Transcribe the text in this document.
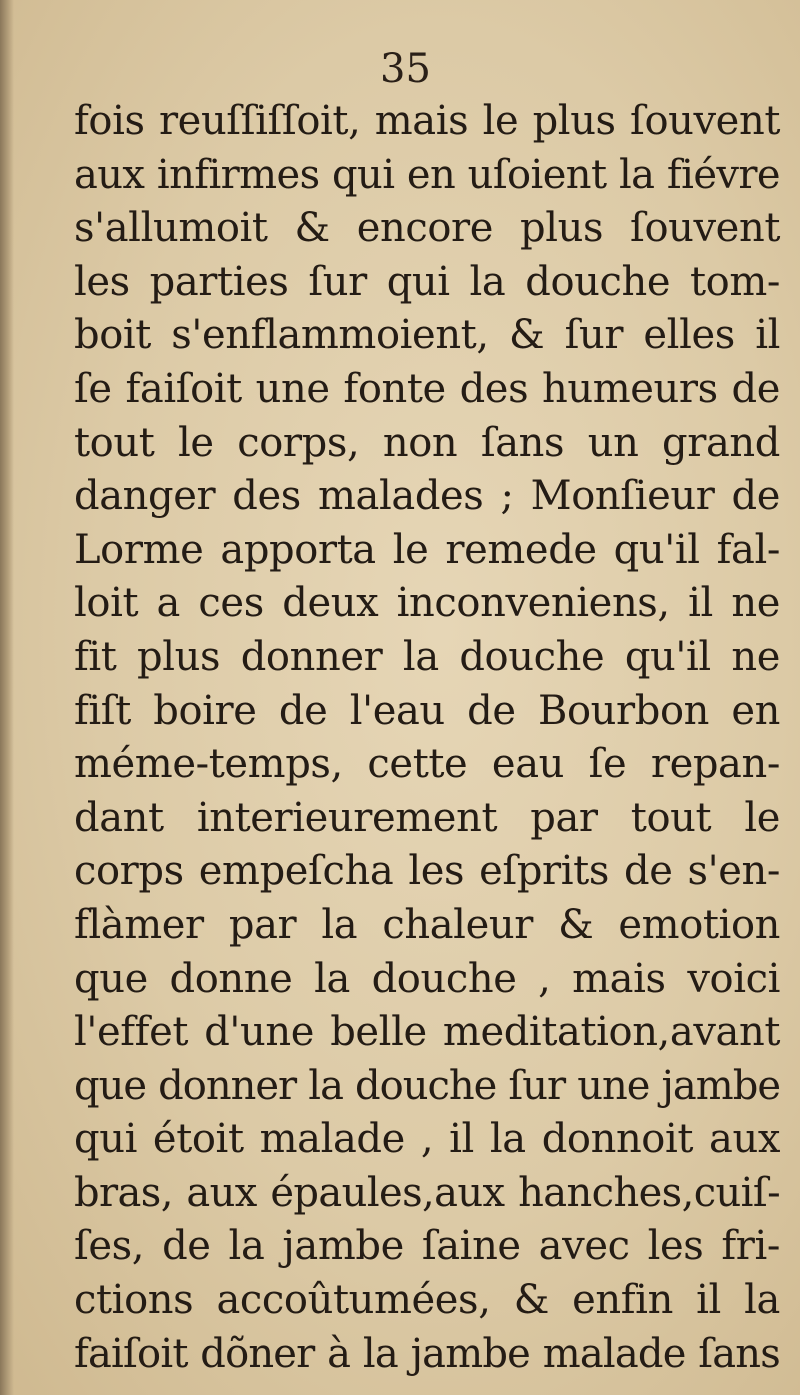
35
fois reuſſiſſoit, mais le plus ſouvent
aux infirmes qui en uſoient la fiévre
s'allumoit & encore plus ſouvent
les parties ſur qui la douche tom-
boit s'enflammoient, & ſur elles il
ſe faiſoit une fonte des humeurs de
tout le corps, non ſans un grand
danger des malades ; Monſieur de
Lorme apporta le remede qu'il fal-
loit a ces deux inconveniens, il ne
fit plus donner la douche qu'il ne
fiſt boire de l'eau de Bourbon en
méme-temps, cette eau ſe repan-
dant interieurement par tout le
corps empeſcha les eſprits de s'en-
flàmer par la chaleur & emotion
que donne la douche , mais voici
l'effet d'une belle meditation,avant
que donner la douche ſur une jambe
qui étoit malade , il la donnoit aux
bras, aux épaules,aux hanches,cuiſ-
ſes, de la jambe ſaine avec les fri-
ctions accoûtumées, & enfin il la
faiſoit dõner à la jambe malade ſans
